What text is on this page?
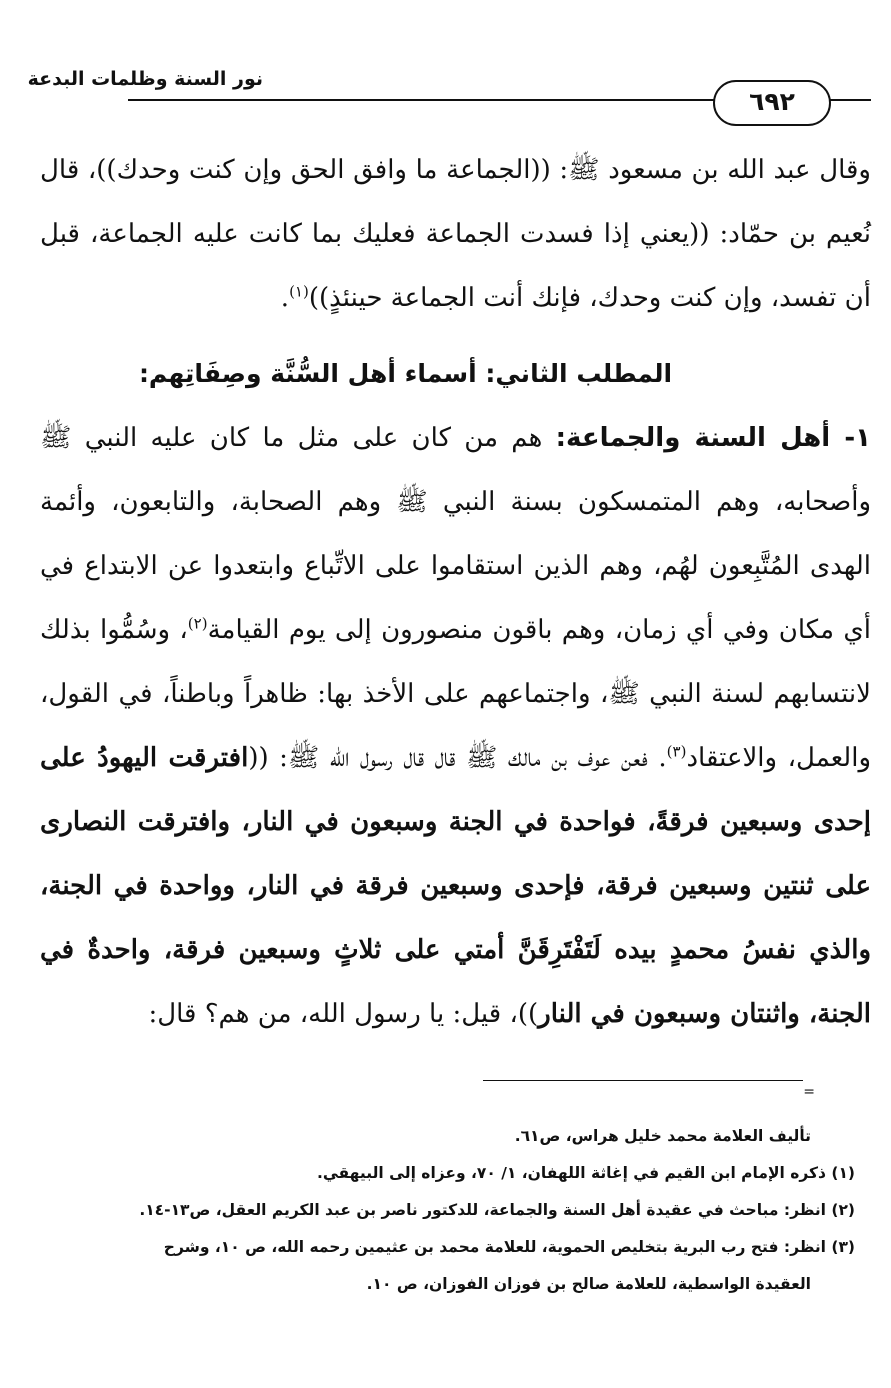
نور السنة وظلمات البدعة
٦٩٢

وقال عبد الله بن مسعود ﷺ: ((الجماعة ما وافق الحق وإن كنت وحدك))، قال نُعيم بن حمّاد: ((يعني إذا فسدت الجماعة فعليك بما كانت عليه الجماعة، قبل أن تفسد، وإن كنت وحدك، فإنك أنت الجماعة حينئذٍ))$^{(١)}$.

المطلب الثاني: أسماء أهل السُّنَّة وصِفَاتِهم:

١- أهل السنة والجماعة: هم من كان على مثل ما كان عليه النبي ﷺ وأصحابه، وهم المتمسكون بسنة النبي ﷺ وهم الصحابة، والتابعون، وأئمة الهدى المُتَّبِعون لهُم، وهم الذين استقاموا على الاتِّباع وابتعدوا عن الابتداع في أي مكان وفي أي زمان، وهم باقون منصورون إلى يوم القيامة$^{(٢)}$، وسُمُّوا بذلك لانتسابهم لسنة النبي ﷺ، واجتماعهم على الأخذ بها: ظاهراً وباطناً، في القول، والعمل، والاعتقاد$^{(٣)}$. فعن عوف بن مالك ﷺ قال قال رسول الله ﷺ: ((افترقت اليهودُ على إحدى وسبعين فرقةً، فواحدة في الجنة وسبعون في النار، وافترقت النصارى على ثنتين وسبعين فرقة، فإحدى وسبعين فرقة في النار، وواحدة في الجنة، والذي نفسُ محمدٍ بيده لَتَفْتَرِقَنَّ أمتي على ثلاثٍ وسبعين فرقة، واحدةٌ في الجنة، واثنتان وسبعون في النار))، قيل: يا رسول الله، من هم؟ قال:

=

تأليف العلامة محمد خليل هراس، ص٦١.

(١) ذكره الإمام ابن القيم في إغاثة اللهفان، ١/ ٧٠، وعزاه إلى البيهقي.

(٢) انظر: مباحث في عقيدة أهل السنة والجماعة، للدكتور ناصر بن عبد الكريم العقل، ص١٣-١٤.

(٣) انظر: فتح رب البرية بتخليص الحموية، للعلامة محمد بن عثيمين رحمه الله، ص ١٠، وشرح

العقيدة الواسطية، للعلامة صالح بن فوزان الفوزان، ص ١٠.
